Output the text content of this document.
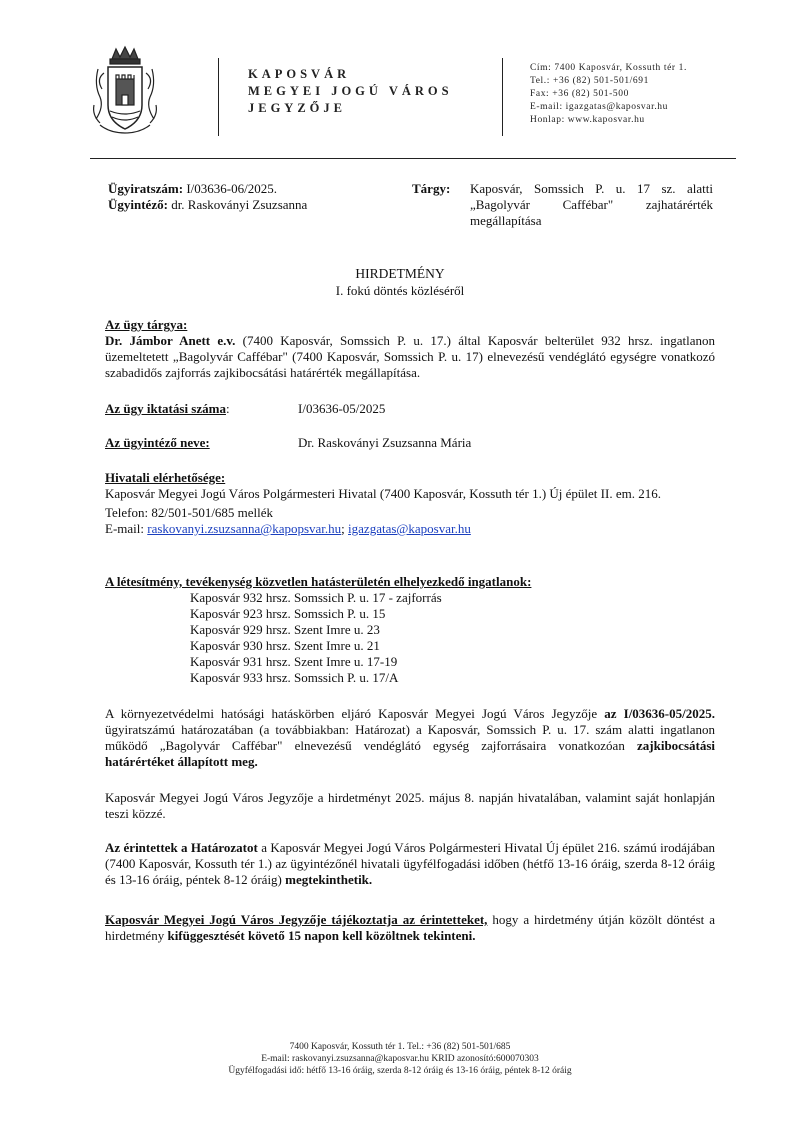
KAPOSVÁR
MEGYEI JOGÚ VÁROS
JEGYZŐJE
Cím: 7400 Kaposvár, Kossuth tér 1.
Tel.: +36 (82) 501-501/691
Fax: +36 (82) 501-500
E-mail: igazgatas@kaposvar.hu
Honlap: www.kaposvar.hu
Ügyiratszám: I/03636-06/2025.
Ügyintéző: dr. Raskoványi Zsuzsanna
Tárgy: Kaposvár, Somssich P. u. 17 sz. alatti
„Bagolyvár Caffébar" zajhatárérték
megállapítása
HIRDETMÉNY
I. fokú döntés közléséről
Az ügy tárgya:
Dr. Jámbor Anett e.v. (7400 Kaposvár, Somssich P. u. 17.) által Kaposvár belterület 932 hrsz. ingatlanon üzemeltetett „Bagolyvár Caffébar" (7400 Kaposvár, Somssich P. u. 17) elnevezésű vendéglátó egységre vonatkozó szabadidős zajforrás zajkibocsátási határérték megállapítása.
Az ügy iktatási száma:	I/03636-05/2025
Az ügyintéző neve:	Dr. Raskoványi Zsuzsanna Mária
Hivatali elérhetősége:
Kaposvár Megyei Jogú Város Polgármesteri Hivatal (7400 Kaposvár, Kossuth tér 1.) Új épület II. em. 216.
Telefon: 82/501-501/685 mellék
E-mail: raskovanyi.zsuzsanna@kapopsvar.hu; igazgatas@kaposvar.hu
A létesítmény, tevékenység közvetlen hatásterületén elhelyezkedő ingatlanok:
Kaposvár 932 hrsz. Somssich P. u. 17 - zajforrás
Kaposvár 923 hrsz. Somssich P. u. 15
Kaposvár 929 hrsz. Szent Imre u. 23
Kaposvár 930 hrsz. Szent Imre u. 21
Kaposvár 931 hrsz. Szent Imre u. 17-19
Kaposvár 933 hrsz. Somssich P. u. 17/A
A környezetvédelmi hatósági hatáskörben eljáró Kaposvár Megyei Jogú Város Jegyzője az I/03636-05/2025. ügyiratszámú határozatában (a továbbiakban: Határozat) a Kaposvár, Somssich P. u. 17. szám alatti ingatlanon működő „Bagolyvár Caffébar" elnevezésű vendéglátó egység zajforrásaira vonatkozóan zajkibocsátási határértéket állapított meg.
Kaposvár Megyei Jogú Város Jegyzője a hirdetményt 2025. május 8. napján hivatalában, valamint saját honlapján teszi közzé.
Az érintettek a Határozatot a Kaposvár Megyei Jogú Város Polgármesteri Hivatal Új épület 216. számú irodájában (7400 Kaposvár, Kossuth tér 1.) az ügyintézőnél hivatali ügyfélfogadási időben (hétfő 13-16 óráig, szerda 8-12 óráig és 13-16 óráig, péntek 8-12 óráig) megtekinthetik.
Kaposvár Megyei Jogú Város Jegyzője tájékoztatja az érintetteket, hogy a hirdetmény útján közölt döntést a hirdetmény kifüggesztését követő 15 napon kell közöltnek tekinteni.
7400 Kaposvár, Kossuth tér 1. Tel.: +36 (82) 501-501/685
E-mail: raskovanyi.zsuzsanna@kaposvar.hu KRID azonosító:600070303
Ügyfélfogadási idő: hétfő 13-16 óráig, szerda 8-12 óráig és 13-16 óráig, péntek 8-12 óráig
